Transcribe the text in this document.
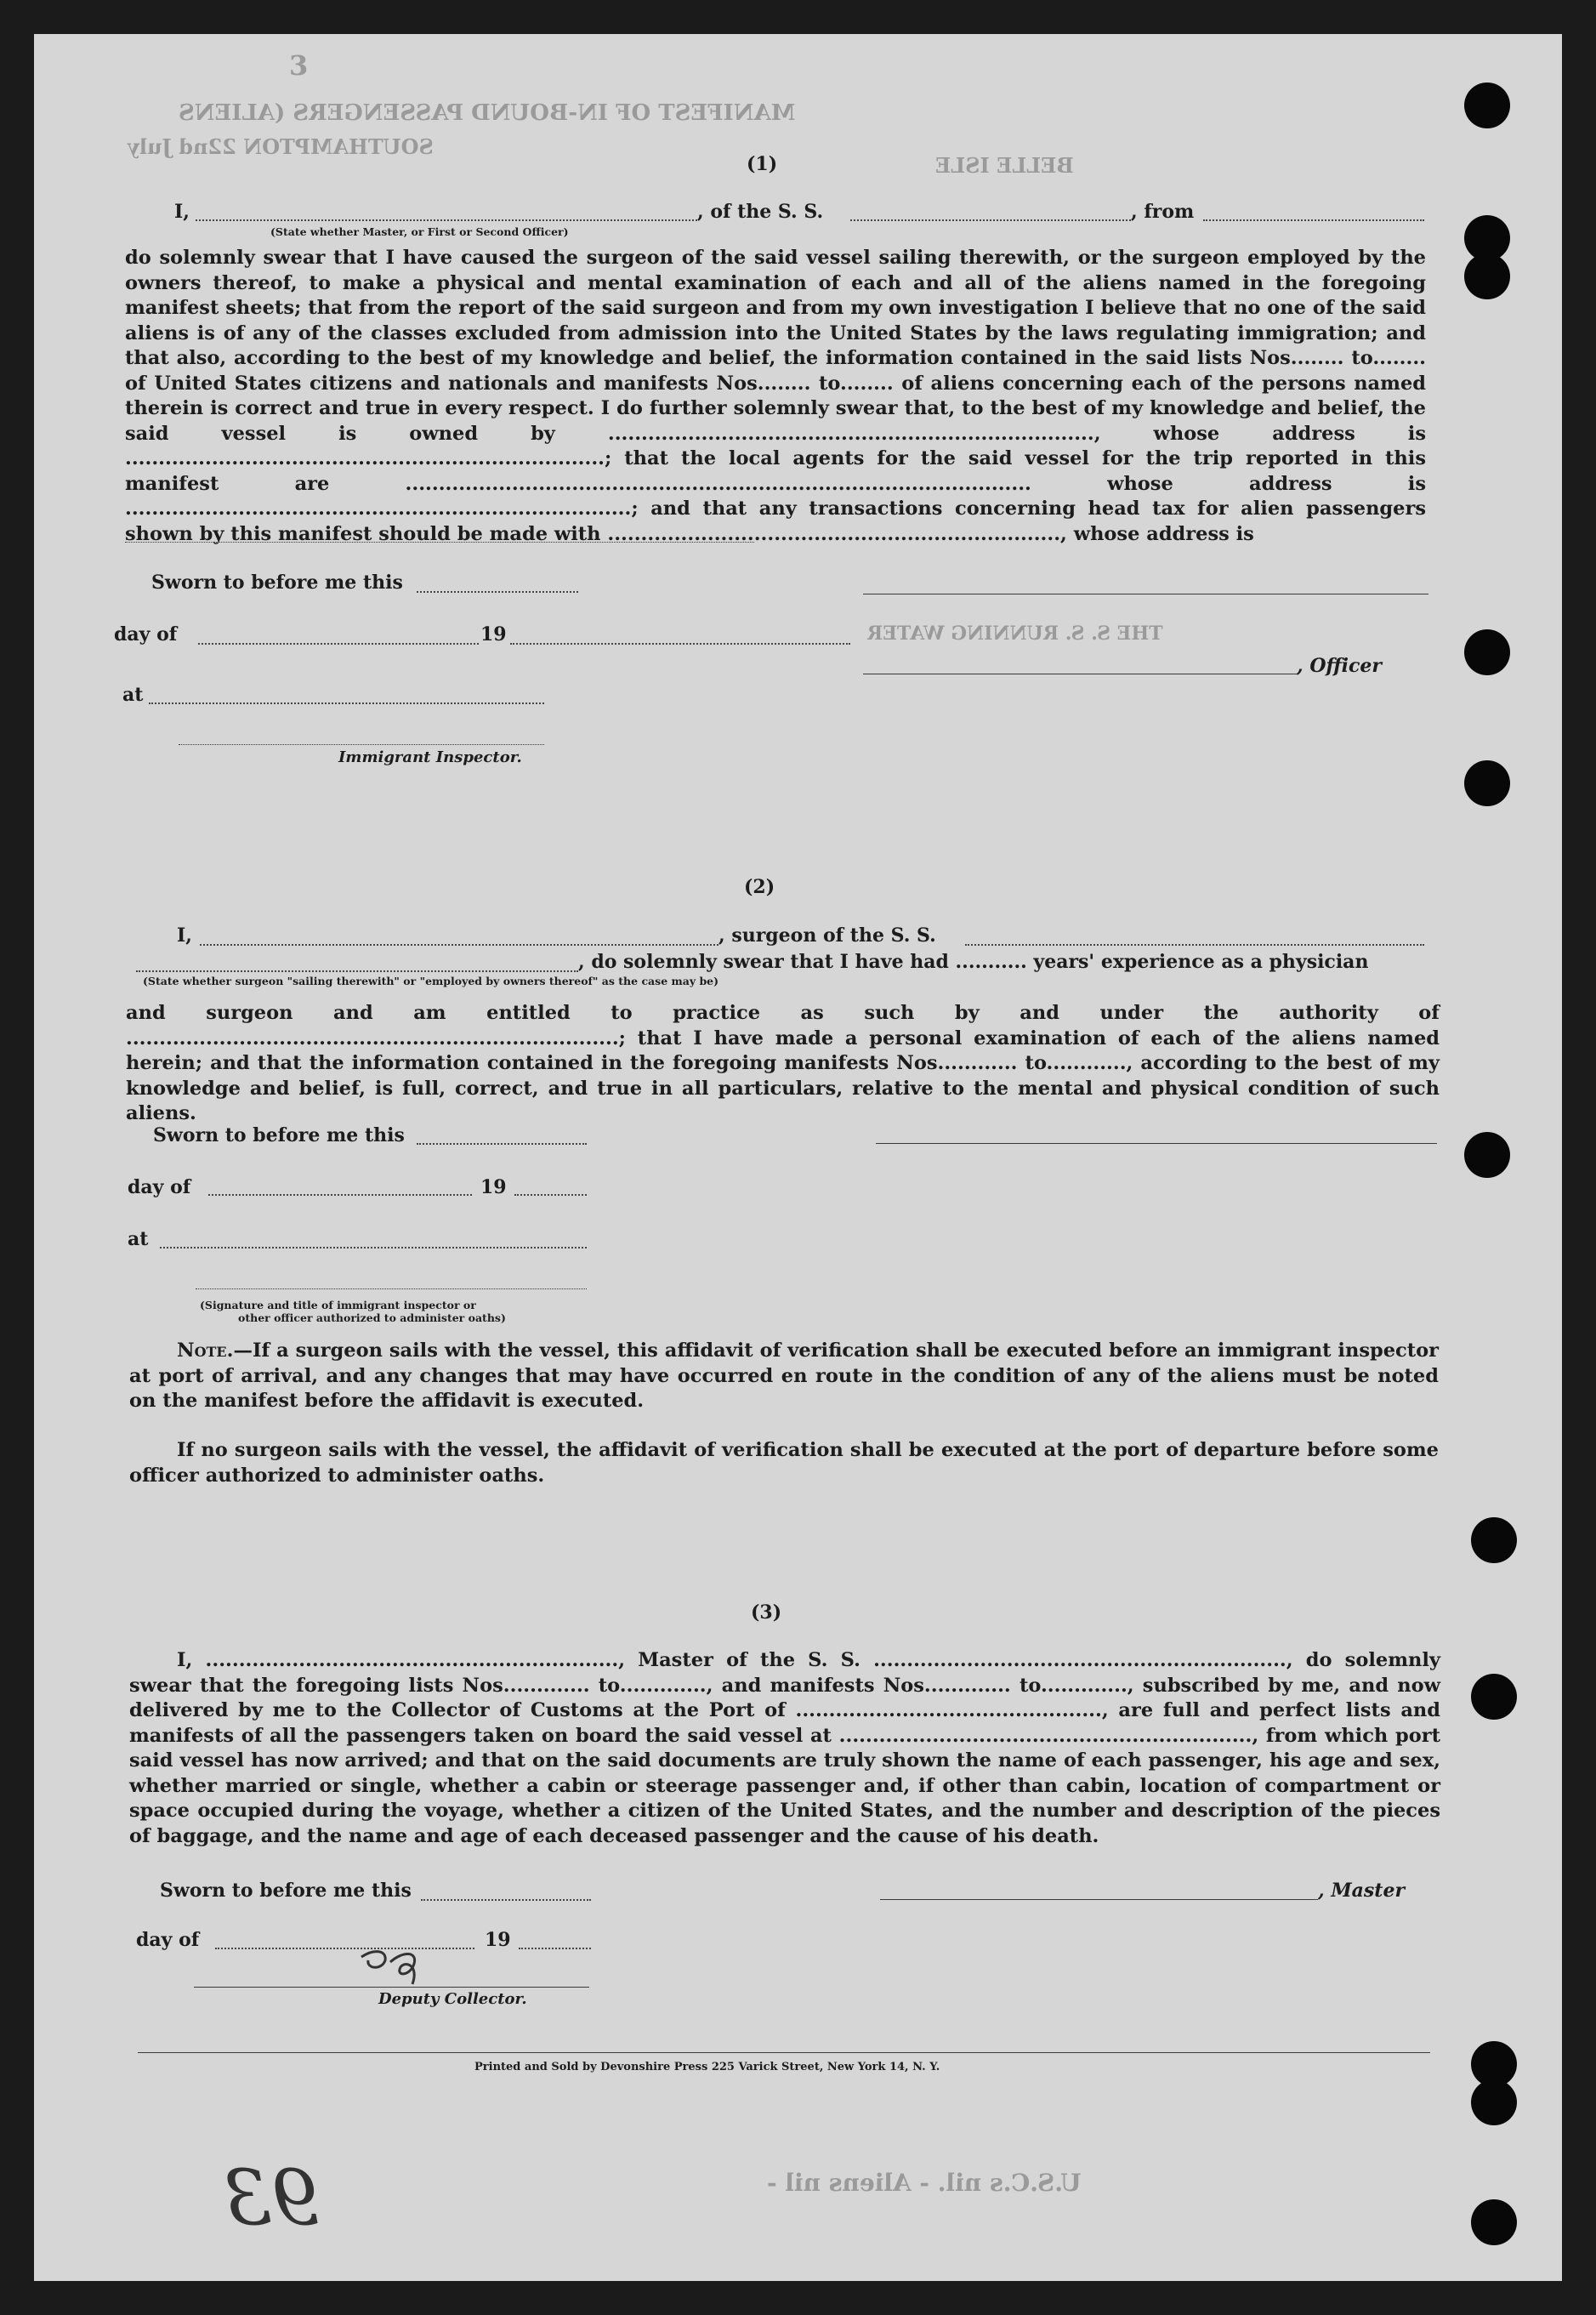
3
MANIFEST OF IN-BOUND PASSENGERS (ALIENS
SOUTHAMPTON 22nd July
BELLE ISLE
(1)
I,	, of the S. S.	, from
(State whether Master, or First or Second Officer)

do solemnly swear that I have caused the surgeon of the said vessel sailing therewith, or the surgeon employed by the owners thereof, to make a physical and mental examination of each and all of the aliens named in the foregoing manifest sheets; that from the report of the said surgeon and from my own investigation I believe that no one of the said aliens is of any of the classes excluded from admission into the United States by the laws regulating immigration; and that also, according to the best of my knowledge and belief, the information contained in the said lists Nos........ to........ of United States citizens and nationals and manifests Nos........ to........ of aliens concerning each of the persons named therein is correct and true in every respect. I do further solemnly swear that, to the best of my knowledge and belief, the said vessel is owned by ........................................................................., whose address is ........................................................................; that the local agents for the said vessel for the trip reported in this manifest are .............................................................................................. whose address is ............................................................................; and that any transactions concerning head tax for alien passengers shown by this manifest should be made with ...................................................................., whose address is

Sworn to before me this
day of	19	THE S. S. RUNNING WATER
, Officer
at
Immigrant Inspector.
(2)
I,	, surgeon of the S. S.
, do solemnly swear that I have had ........... years' experience as a physician
(State whether surgeon "sailing therewith" or "employed by owners thereof" as the case may be)

and surgeon and am entitled to practice as such by and under the authority of ..........................................................................; that I have made a personal examination of each of the aliens named herein; and that the information contained in the foregoing manifests Nos............ to............, according to the best of my knowledge and belief, is full, correct, and true in all particulars, relative to the mental and physical condition of such aliens.

Sworn to before me this
day of	19
at
(Signature and title of immigrant inspector or
other officer authorized to administer oaths)

Note.—If a surgeon sails with the vessel, this affidavit of verification shall be executed before an immigrant inspector at port of arrival, and any changes that may have occurred en route in the condition of any of the aliens must be noted on the manifest before the affidavit is executed.

If no surgeon sails with the vessel, the affidavit of verification shall be executed at the port of departure before some officer authorized to administer oaths.

(3)

I, .............................................................., Master of the S. S. .............................................................., do solemnly swear that the foregoing lists Nos............. to............., and manifests Nos............. to............., subscribed by me, and now delivered by me to the Collector of Customs at the Port of .............................................., are full and perfect lists and manifests of all the passengers taken on board the said vessel at .............................................................., from which port said vessel has now arrived; and that on the said documents are truly shown the name of each passenger, his age and sex, whether married or single, whether a cabin or steerage passenger and, if other than cabin, location of compartment or space occupied during the voyage, whether a citizen of the United States, and the number and description of the pieces of baggage, and the name and age of each deceased passenger and the cause of his death.

Sworn to before me this	, Master
day of	19
Deputy Collector.
Printed and Sold by Devonshire Press 225 Varick Street, New York 14, N. Y.
U.S.C.s nil. - Aliens nil -
93
